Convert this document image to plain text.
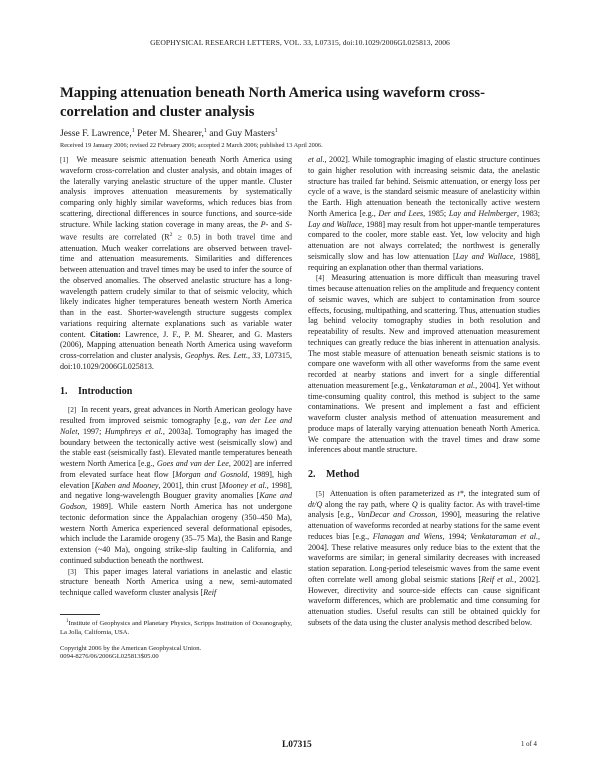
GEOPHYSICAL RESEARCH LETTERS, VOL. 33, L07315, doi:10.1029/2006GL025813, 2006
Mapping attenuation beneath North America using waveform cross-correlation and cluster analysis
Jesse F. Lawrence,$^1$ Peter M. Shearer,$^1$ and Guy Masters$^1$
Received 19 January 2006; revised 22 February 2006; accepted 2 March 2006; published 13 April 2006.

[1] We measure seismic attenuation beneath North America using waveform cross-correlation and cluster analysis, and obtain images of the laterally varying anelastic structure of the upper mantle. Cluster analysis improves attenuation measurements by systematically comparing only highly similar waveforms, which reduces bias from scattering, directional differences in source functions, and source-side structure. While lacking station coverage in many areas, the P- and S-wave results are correlated $(R^2 \ge 0.5)$ in both travel time and attenuation. Much weaker correlations are observed between travel-time and attenuation measurements. Similarities and differences between attenuation and travel times may be used to infer the source of the observed anomalies. The observed anelastic structure has a long-wavelength pattern crudely similar to that of seismic velocity, which likely indicates higher temperatures beneath western North America than in the east. Shorter-wavelength structure suggests complex variations requiring alternate explanations such as variable water content. Citation: Lawrence, J. F., P. M. Shearer, and G. Masters (2006), Mapping attenuation beneath North America using waveform cross-correlation and cluster analysis, Geophys. Res. Lett., 33, L07315, doi:10.1029/2006GL025813.

1. Introduction

[2] In recent years, great advances in North American geology have resulted from improved seismic tomography [e.g., van der Lee and Nolet, 1997; Humphreys et al., 2003a]. Tomography has imaged the boundary between the tectonically active west (seismically slow) and the stable east (seismically fast). Elevated mantle temperatures beneath western North America [e.g., Goes and van der Lee, 2002] are inferred from elevated surface heat flow [Morgan and Gosnold, 1989], high elevation [Kaben and Mooney, 2001], thin crust [Mooney et al., 1998], and negative long-wavelength Bouguer gravity anomalies [Kane and Godson, 1989]. While eastern North America has not undergone tectonic deformation since the Appalachian orogeny (350–450 Ma), western North America experienced several deformational episodes, which include the Laramide orogeny (35–75 Ma), the Basin and Range extension (~40 Ma), ongoing strike-slip faulting in California, and continued subduction beneath the northwest.

[3] This paper images lateral variations in anelastic and elastic structure beneath North America using a new, semi-automated technique called waveform cluster analysis [Reif

$^1$Institute of Geophysics and Planetary Physics, Scripps Institution of Oceanography, La Jolla, California, USA.
Copyright 2006 by the American Geophysical Union.
0094-8276/06/2006GL025813$05.00

et al., 2002]. While tomographic imaging of elastic structure continues to gain higher resolution with increasing seismic data, the anelastic structure has trailed far behind. Seismic attenuation, or energy loss per cycle of a wave, is the standard seismic measure of anelasticity within the Earth. High attenuation beneath the tectonically active western North America [e.g., Der and Lees, 1985; Lay and Helmberger, 1983; Lay and Wallace, 1988] may result from hot upper-mantle temperatures compared to the cooler, more stable east. Yet, low velocity and high attenuation are not always correlated; the northwest is generally seismically slow and has low attenuation [Lay and Wallace, 1988], requiring an explanation other than thermal variations.

[4] Measuring attenuation is more difficult than measuring travel times because attenuation relies on the amplitude and frequency content of seismic waves, which are subject to contamination from source effects, focusing, multipathing, and scattering. Thus, attenuation studies lag behind velocity tomography studies in both resolution and repeatability of results. New and improved attenuation measurement techniques can greatly reduce the bias inherent in attenuation analysis. The most stable measure of attenuation beneath seismic stations is to compare one waveform with all other waveforms from the same event recorded at nearby stations and invert for a single differential attenuation measurement [e.g., Venkataraman et al., 2004]. Yet without time-consuming quality control, this method is subject to the same contaminations. We present and implement a fast and efficient waveform cluster analysis method of attenuation measurement and produce maps of laterally varying attenuation beneath North America. We compare the attenuation with the travel times and draw some inferences about mantle structure.

2. Method

[5] Attenuation is often parameterized as t*, the integrated sum of dt/Q along the ray path, where Q is quality factor. As with travel-time analysis [e.g., VanDecar and Crosson, 1990], measuring the relative attenuation of waveforms recorded at nearby stations for the same event reduces bias [e.g., Flanagan and Wiens, 1994; Venkataraman et al., 2004]. These relative measures only reduce bias to the extent that the waveforms are similar; in general similarity decreases with increased station separation. Long-period teleseismic waves from the same event often correlate well among global seismic stations [Reif et al., 2002]. However, directivity and source-side effects can cause significant waveform differences, which are problematic and time consuming for attenuation studies. Useful results can still be obtained quickly for subsets of the data using the cluster analysis method described below.

L07315	1 of 4
